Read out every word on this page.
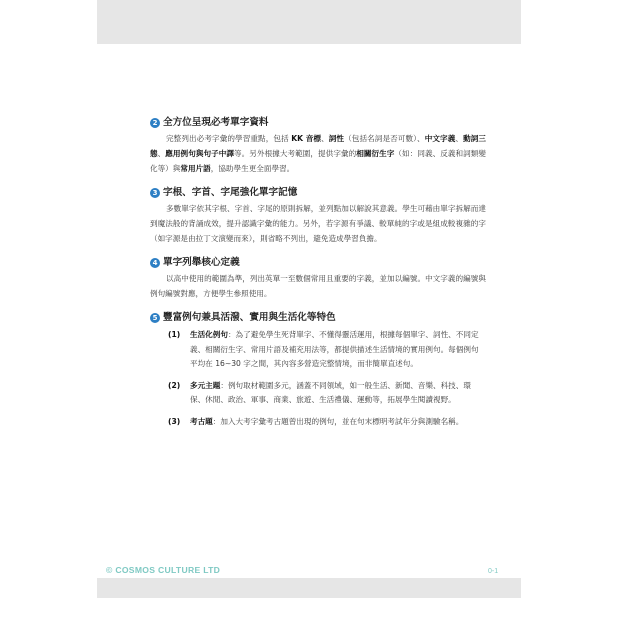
2 全方位呈現必考單字資料
完整列出必考字彙的學習重點，包括 KK 音標、詞性（包括名詞是否可數）、中文字義、動詞三態、應用例句與句子中譯等。另外根據大考範圍，提供字彙的相關衍生字（如：同義、反義和詞類變化等）與常用片語，協助學生更全面學習。
3 字根、字首、字尾強化單字記憶
多數單字依其字根、字首、字尾的原則拆解，並列點加以解說其意義。學生可藉由單字拆解而達到魔法般的背誦成效，提升認識字彙的能力。另外，若字源有爭議、較單純的字或是組成較複雜的字（如字源是由拉丁文演變而來），則省略不列出，避免造成學習負擔。
4 單字列舉核心定義
以高中使用的範圍為準，列出英單一至數個常用且重要的字義，並加以編號。中文字義的編號與例句編號對應，方便學生參照使用。
5 豐富例句兼具活潑、實用與生活化等特色
(1)	生活化例句：為了避免學生死背單字、不懂得靈活運用，根據每個單字、詞性、不同定義、相關衍生字、常用片語及補充用法等，都提供描述生活情境的實用例句。每個例句平均在 16∼30 字之間，其內容多營造完整情境，而非簡單直述句。
(2)	多元主題：例句取材範圍多元，涵蓋不同領域，如一般生活、新聞、音樂、科技、環保、休閒、政治、軍事、商業、旅遊、生活禮儀、運動等，拓展學生閱讀視野。
(3)	考古題：加入大考字彙考古題曾出現的例句，並在句末標明考試年分與測驗名稱。
© COSMOS CULTURE LTD	0-1
